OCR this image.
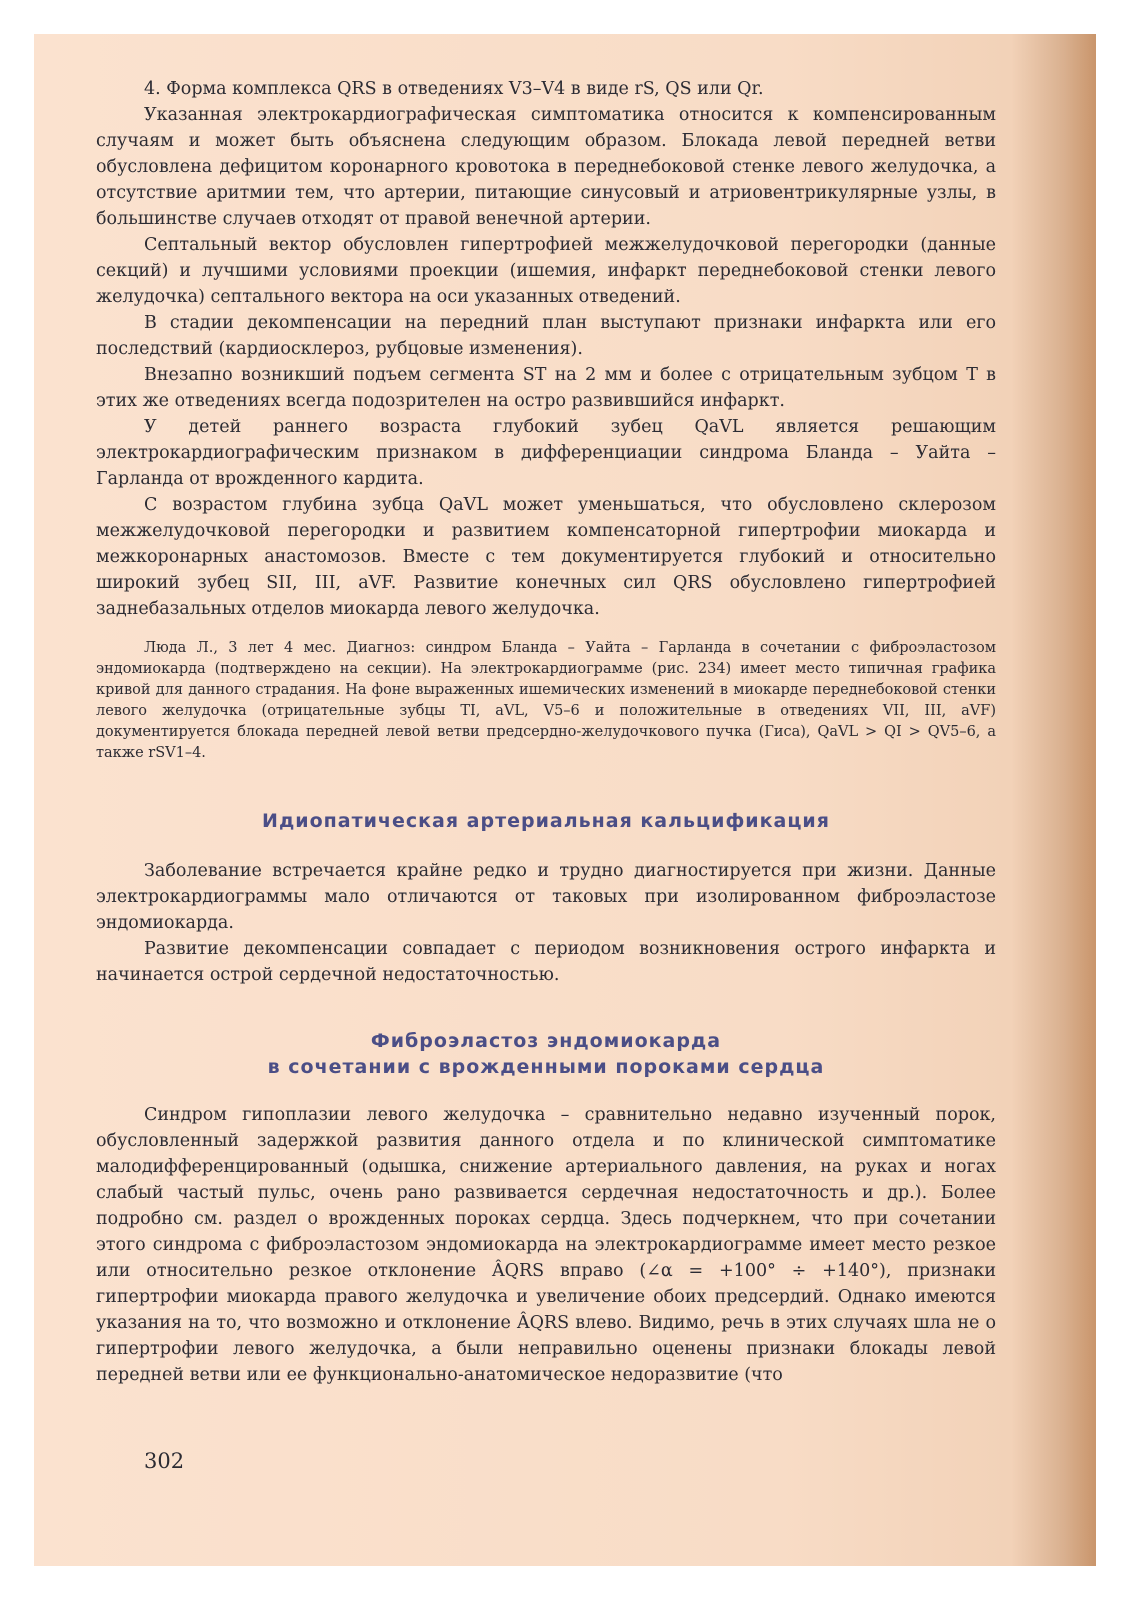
4. Форма комплекса QRS в отведениях V3–V4 в виде rS, QS или Qr.

Указанная электрокардиографическая симптоматика относится к компенсированным случаям и может быть объяснена следующим образом. Блокада левой передней ветви обусловлена дефицитом коронарного кровотока в переднебоковой стенке левого желудочка, а отсутствие аритмии тем, что артерии, питающие синусовый и атриовентрикулярные узлы, в большинстве случаев отходят от правой венечной артерии.

Септальный вектор обусловлен гипертрофией межжелудочковой перегородки (данные секций) и лучшими условиями проекции (ишемия, инфаркт переднебоковой стенки левого желудочка) септального вектора на оси указанных отведений.

В стадии декомпенсации на передний план выступают признаки инфаркта или его последствий (кардиосклероз, рубцовые изменения).

Внезапно возникший подъем сегмента ST на 2 мм и более с отрицательным зубцом T в этих же отведениях всегда подозрителен на остро развившийся инфаркт.

У детей раннего возраста глубокий зубец QaVL является решающим электрокардиографическим признаком в дифференциации синдрома Бланда – Уайта – Гарланда от врожденного кардита.

С возрастом глубина зубца QaVL может уменьшаться, что обусловлено склерозом межжелудочковой перегородки и развитием компенсаторной гипертрофии миокарда и межкоронарных анастомозов. Вместе с тем документируется глубокий и относительно широкий зубец SII, III, aVF. Развитие конечных сил QRS обусловлено гипертрофией заднебазальных отделов миокарда левого желудочка.

Люда Л., 3 лет 4 мес. Диагноз: синдром Бланда – Уайта – Гарланда в сочетании с фиброэластозом эндомиокарда (подтверждено на секции). На электрокардиограмме (рис. 234) имеет место типичная графика кривой для данного страдания. На фоне выраженных ишемических изменений в миокарде переднебоковой стенки левого желудочка (отрицательные зубцы TI, aVL, V5–6 и положительные в отведениях VII, III, aVF) документируется блокада передней левой ветви предсердно-желудочкового пучка (Гиса), QaVL > QI > QV5–6, а также rSV1–4.

Идиопатическая артериальная кальцификация

Заболевание встречается крайне редко и трудно диагностируется при жизни. Данные электрокардиограммы мало отличаются от таковых при изолированном фиброэластозе эндомиокарда.

Развитие декомпенсации совпадает с периодом возникновения острого инфаркта и начинается острой сердечной недостаточностью.

Фиброэластоз эндомиокарда
в сочетании с врожденными пороками сердца

Синдром гипоплазии левого желудочка – сравнительно недавно изученный порок, обусловленный задержкой развития данного отдела и по клинической симптоматике малодифференцированный (одышка, снижение артериального давления, на руках и ногах слабый частый пульс, очень рано развивается сердечная недостаточность и др.). Более подробно см. раздел о врожденных пороках сердца. Здесь подчеркнем, что при сочетании этого синдрома с фиброэластозом эндомиокарда на электрокардиограмме имеет место резкое или относительно резкое отклонение ÂQRS вправо (∠α = +100° ÷ +140°), признаки гипертрофии миокарда правого желудочка и увеличение обоих предсердий. Однако имеются указания на то, что возможно и отклонение ÂQRS влево. Видимо, речь в этих случаях шла не о гипертрофии левого желудочка, а были неправильно оценены признаки блокады левой передней ветви или ее функционально-анатомическое недоразвитие (что

302
